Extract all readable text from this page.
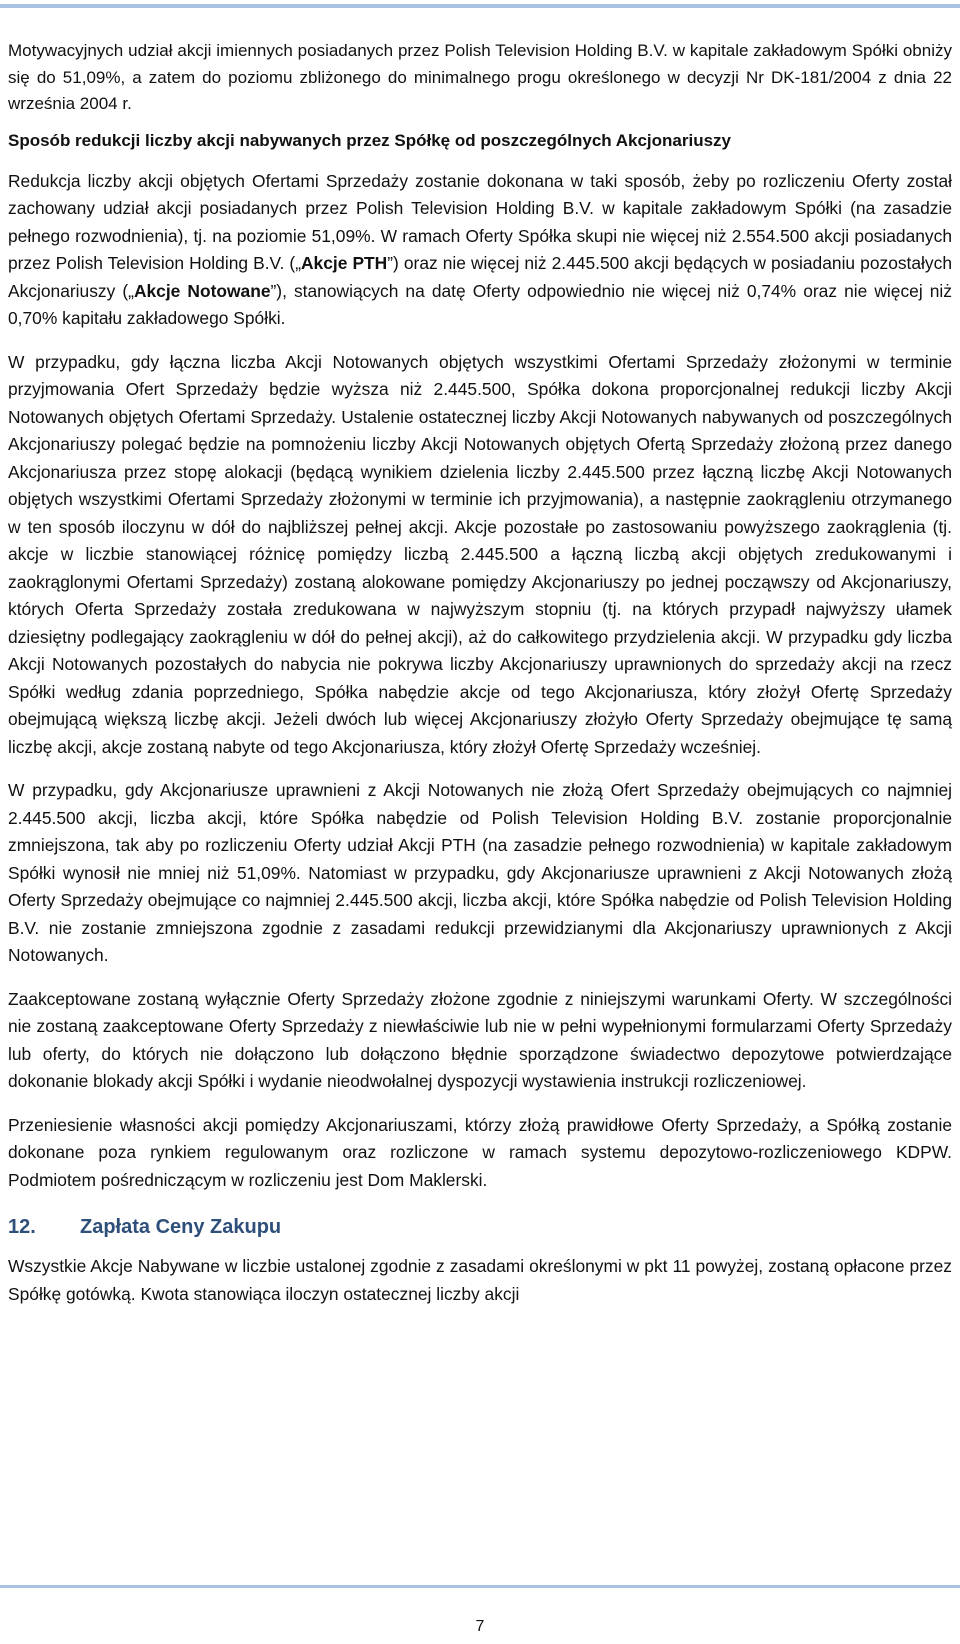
Motywacyjnych udział akcji imiennych posiadanych przez Polish Television Holding B.V. w kapitale zakładowym Spółki obniży się do 51,09%, a zatem do poziomu zbliżonego do minimalnego progu określonego w decyzji Nr DK-181/2004 z dnia 22 września 2004 r.

Sposób redukcji liczby akcji nabywanych przez Spółkę od poszczególnych Akcjonariuszy

Redukcja liczby akcji objętych Ofertami Sprzedaży zostanie dokonana w taki sposób, żeby po rozliczeniu Oferty został zachowany udział akcji posiadanych przez Polish Television Holding B.V. w kapitale zakładowym Spółki (na zasadzie pełnego rozwodnienia), tj. na poziomie 51,09%. W ramach Oferty Spółka skupi nie więcej niż 2.554.500 akcji posiadanych przez Polish Television Holding B.V. („Akcje PTH”) oraz nie więcej niż 2.445.500 akcji będących w posiadaniu pozostałych Akcjonariuszy („Akcje Notowane”), stanowiących na datę Oferty odpowiednio nie więcej niż 0,74% oraz nie więcej niż 0,70% kapitału zakładowego Spółki.

W przypadku, gdy łączna liczba Akcji Notowanych objętych wszystkimi Ofertami Sprzedaży złożonymi w terminie przyjmowania Ofert Sprzedaży będzie wyższa niż 2.445.500, Spółka dokona proporcjonalnej redukcji liczby Akcji Notowanych objętych Ofertami Sprzedaży. Ustalenie ostatecznej liczby Akcji Notowanych nabywanych od poszczególnych Akcjonariuszy polegać będzie na pomnożeniu liczby Akcji Notowanych objętych Ofertą Sprzedaży złożoną przez danego Akcjonariusza przez stopę alokacji (będącą wynikiem dzielenia liczby 2.445.500 przez łączną liczbę Akcji Notowanych objętych wszystkimi Ofertami Sprzedaży złożonymi w terminie ich przyjmowania), a następnie zaokrągleniu otrzymanego w ten sposób iloczynu w dół do najbliższej pełnej akcji. Akcje pozostałe po zastosowaniu powyższego zaokrąglenia (tj. akcje w liczbie stanowiącej różnicę pomiędzy liczbą 2.445.500 a łączną liczbą akcji objętych zredukowanymi i zaokrąglonymi Ofertami Sprzedaży) zostaną alokowane pomiędzy Akcjonariuszy po jednej począwszy od Akcjonariuszy, których Oferta Sprzedaży została zredukowana w najwyższym stopniu (tj. na których przypadł najwyższy ułamek dziesiętny podlegający zaokrągleniu w dół do pełnej akcji), aż do całkowitego przydzielenia akcji. W przypadku gdy liczba Akcji Notowanych pozostałych do nabycia nie pokrywa liczby Akcjonariuszy uprawnionych do sprzedaży akcji na rzecz Spółki według zdania poprzedniego, Spółka nabędzie akcje od tego Akcjonariusza, który złożył Ofertę Sprzedaży obejmującą większą liczbę akcji. Jeżeli dwóch lub więcej Akcjonariuszy złożyło Oferty Sprzedaży obejmujące tę samą liczbę akcji, akcje zostaną nabyte od tego Akcjonariusza, który złożył Ofertę Sprzedaży wcześniej.

W przypadku, gdy Akcjonariusze uprawnieni z Akcji Notowanych nie złożą Ofert Sprzedaży obejmujących co najmniej 2.445.500 akcji, liczba akcji, które Spółka nabędzie od Polish Television Holding B.V. zostanie proporcjonalnie zmniejszona, tak aby po rozliczeniu Oferty udział Akcji PTH (na zasadzie pełnego rozwodnienia) w kapitale zakładowym Spółki wynosił nie mniej niż 51,09%. Natomiast w przypadku, gdy Akcjonariusze uprawnieni z Akcji Notowanych złożą Oferty Sprzedaży obejmujące co najmniej 2.445.500 akcji, liczba akcji, które Spółka nabędzie od Polish Television Holding B.V. nie zostanie zmniejszona zgodnie z zasadami redukcji przewidzianymi dla Akcjonariuszy uprawnionych z Akcji Notowanych.

Zaakceptowane zostaną wyłącznie Oferty Sprzedaży złożone zgodnie z niniejszymi warunkami Oferty. W szczególności nie zostaną zaakceptowane Oferty Sprzedaży z niewłaściwie lub nie w pełni wypełnionymi formularzami Oferty Sprzedaży lub oferty, do których nie dołączono lub dołączono błędnie sporządzone świadectwo depozytowe potwierdzające dokonanie blokady akcji Spółki i wydanie nieodwołalnej dyspozycji wystawienia instrukcji rozliczeniowej.

Przeniesienie własności akcji pomiędzy Akcjonariuszami, którzy złożą prawidłowe Oferty Sprzedaży, a Spółką zostanie dokonane poza rynkiem regulowanym oraz rozliczone w ramach systemu depozytowo-rozliczeniowego KDPW. Podmiotem pośredniczącym w rozliczeniu jest Dom Maklerski.

12.	Zapłata Ceny Zakupu

Wszystkie Akcje Nabywane w liczbie ustalonej zgodnie z zasadami określonymi w pkt 11 powyżej, zostaną opłacone przez Spółkę gotówką. Kwota stanowiąca iloczyn ostatecznej liczby akcji

7
